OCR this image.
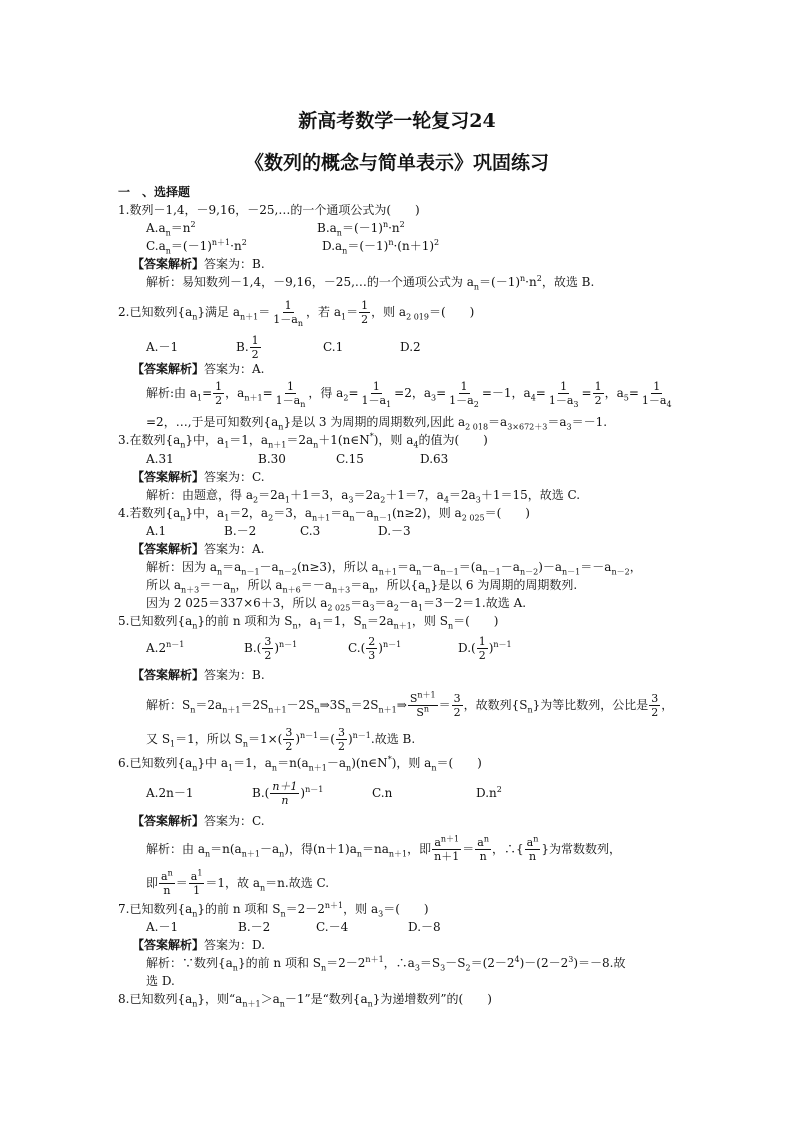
新高考数学一轮复习24
《数列的概念与简单表示》巩固练习
一　、选择题
1.数列－1,4，－9,16，－25,…的一个通项公式为(　　)
$A.a_n=n^2$	$B.a_n=(-1)^n\cdot n^2$
$C.a_n=(-1)^{n+1}\cdot n^2$	$D.a_n=(-1)^n\cdot(n+1)^2$
【答案解析】答案为：B.
解析：易知数列－1,4，－9,16，－25,…的一个通项公式为 $a_n=(-1)^n\cdot n^2$，故选 B.
2.已知数列$\{a_n\}$满足 $a_{n+1}= \frac{1}{1-a_n}$ ，若 $a_1= \frac{1}{2}$ ，则 $a_{2 019}=$(　　)
A.－1	B. $\frac{1}{2}$	C.1	D.2
【答案解析】答案为：A.
解析:由 $a_1= \frac{1}{2}$ ，$a_{n+1}= \frac{1}{1-a_n}$ ，得 $a_2= \frac{1}{1-a_1} =2$，$a_3= \frac{1}{1-a_2} =-1$，$a_4= \frac{1}{1-a_3} = \frac{1}{2}$ ，$a_5= \frac{1}{1-a_4}$
=2，…,于是可知数列$\{a_n\}$是以 3 为周期的周期数列,因此 $a_{2 018}=a_{3\times 672+3}=a_3=-1$.
3.在数列$\{a_n\}$中，$a_1=1$，$a_{n+1}=2a_n+1(n\in N^*)$，则 $a_4$的值为(　　)
A.31	B.30	C.15	D.63
【答案解析】答案为：C.
解析：由题意，得 $a_2=2a_1+1=3$，$a_3=2a_2+1=7$，$a_4=2a_3+1=15$，故选 C.
4.若数列$\{a_n\}$中，$a_1=2$，$a_2=3$，$a_{n+1}=a_n-a_{n-1}(n\ge 2)$，则 $a_{2 025}=$(　　)
A.1	B.－2	C.3	D.－3
【答案解析】答案为：A.
解析：因为 $a_n=a_{n-1}-a_{n-2}(n\ge 3)$，所以 $a_{n+1}=a_n-a_{n-1}=(a_{n-1}-a_{n-2})-a_{n-1}=-a_{n-2}$，
所以 $a_{n+3}=-a_n$，所以 $a_{n+6}=-a_{n+3}=a_n$，所以$\{a_n\}$是以 6 为周期的周期数列.
因为 2 025＝337×6＋3，所以 $a_{2 025}=a_3=a_2-a_1=3-2=1$.故选 A.
5.已知数列$\{a_n\}$的前 n 项和为 $S_n$，$a_1=1$，$S_n=2a_{n+1}$，则 $S_n=$(　　)
$A.2^{n-1}$	$B.( \frac{3}{2} )^{n-1}$	$C.( \frac{2}{3} )^{n-1}$	$D.( \frac{1}{2} )^{n-1}$
【答案解析】答案为：B.
解析：$S_n=2a_{n+1}=2S_{n+1}-2S_n\Rightarrow 3S_n=2S_{n+1}\Rightarrow \frac{S^{n+1}}{S^n} = \frac{3}{2}$ ，故数列$\{S_n\}$为等比数列，公比是 $\frac{3}{2}$ ，
又 $S_1=1$，所以 $S_n=1\times( \frac{3}{2} )^{n-1}=( \frac{3}{2} )^{n-1}$.故选 B.
6.已知数列$\{a_n\}$中 $a_1=1$，$a_n=n(a_{n+1}-a_n)(n\in N^*)$，则 $a_n=$(　　)
A.2n－1	$B.( \frac{n+1}{n} )^{n-1}$	C.n	$D.n^2$
【答案解析】答案为：C.
解析：由 $a_n=n(a_{n+1}-a_n)$，得$(n+1)a_n=na_{n+1}$，即 $\frac{a^{n+1}}{n+1} = \frac{a^n}{n}$ ，∴{ $\frac{a^n}{n}$ }为常数数列，
即 $\frac{a^n}{n} = \frac{a^1}{1} =1$，故 $a_n=n$.故选 C.
7.已知数列$\{a_n\}$的前 n 项和 $S_n=2-2^{n+1}$，则 $a_3=$(　　)
A.－1	B.－2	C.－4	D.－8
【答案解析】答案为：D.
解析：∵数列$\{a_n\}$的前 n 项和 $S_n=2-2^{n+1}$，$\therefore a_3=S_3-S_2=(2-2^4)-(2-2^3)=-8$.故
选 D.
8.已知数列$\{a_n\}$，则“$a_{n+1}>a_n-1$”是“数列$\{a_n\}$为递增数列”的(　　)
